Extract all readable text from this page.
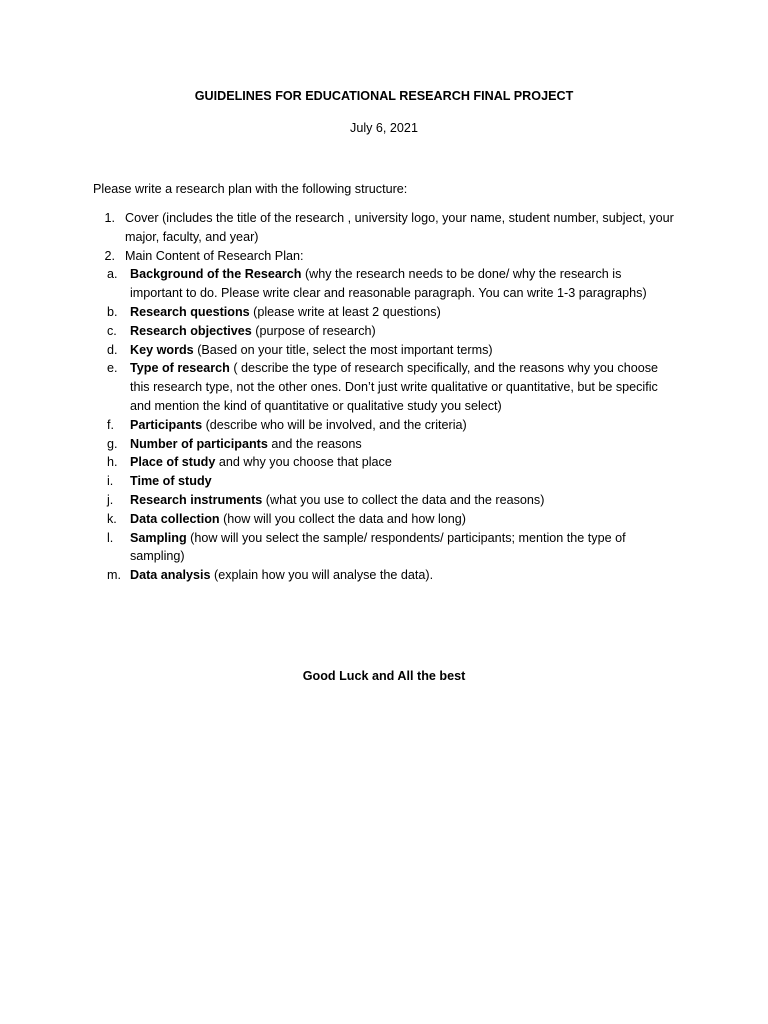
GUIDELINES FOR EDUCATIONAL RESEARCH FINAL PROJECT
July 6, 2021
Please write a research plan with the following structure:
1. Cover (includes the title of the research , university logo, your name, student number, subject, your major, faculty, and year)
2. Main Content of Research Plan:
a. Background of the Research (why the research needs to be done/ why the research is important to do. Please write clear and reasonable paragraph. You can write 1-3 paragraphs)
b. Research questions (please write at least 2 questions)
c.	Research objectives (purpose of research)
d. Key words (Based on your title, select the most important terms)
e. Type of research ( describe the type of research specifically, and the reasons why you choose this research type, not the other ones. Don’t just write qualitative or quantitative, but be specific and mention the kind of quantitative or qualitative study you select)
f.	Participants (describe who will be involved, and the criteria)
g. Number of participants and the reasons
h. Place of study and why you choose that place
i.	Time of study
j.	Research instruments (what you use to collect the data and the reasons)
k.	Data collection (how will you collect the data and how long)
l.	Sampling (how will you select the sample/ respondents/ participants; mention the type of sampling)
m. Data analysis (explain how you will analyse the data).
Good Luck and All the best
